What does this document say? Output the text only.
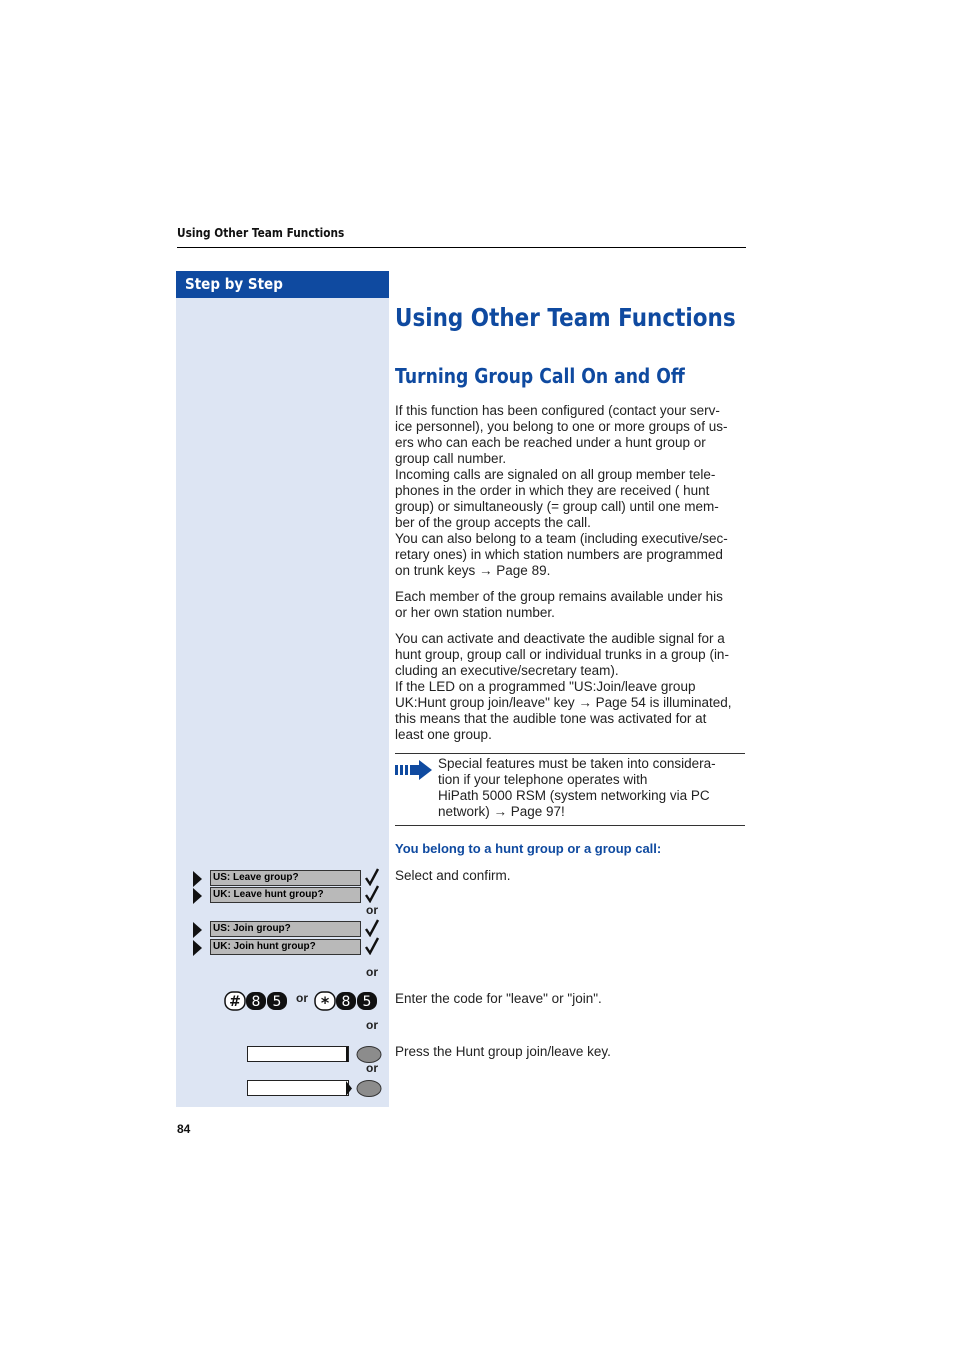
Using Other Team Functions
Step by Step
Using Other Team Functions
Turning Group Call On and Off
If this function has been configured (contact your serv-
ice personnel), you belong to one or more groups of us-
ers who can each be reached under a hunt group or
group call number.
Incoming calls are signaled on all group member tele-
phones in the order in which they are received ( hunt
group) or simultaneously (= group call) until one mem-
ber of the group accepts the call.
You can also belong to a team (including executive/sec-
retary ones) in which station numbers are programmed
on trunk keys → Page 89.
Each member of the group remains available under his
or her own station number.
You can activate and deactivate the audible signal for a
hunt group, group call or individual trunks in a group (in-
cluding an executive/secretary team).
If the LED on a programmed "US:Join/leave group
UK:Hunt group join/leave" key → Page 54 is illuminated,
this means that the audible tone was activated for at
least one group.
Special features must be taken into considera-
tion if your telephone operates with
HiPath 5000 RSM (system networking via PC
network) → Page 97!
You belong to a hunt group or a group call:
Select and confirm.
Enter the code for "leave" or "join".
Press the Hunt group join/leave key.
US: Leave group?
UK: Leave hunt group?
or
US: Join group?
UK: Join hunt group?
or
# 8 5 or * 8 5
or
or
84
